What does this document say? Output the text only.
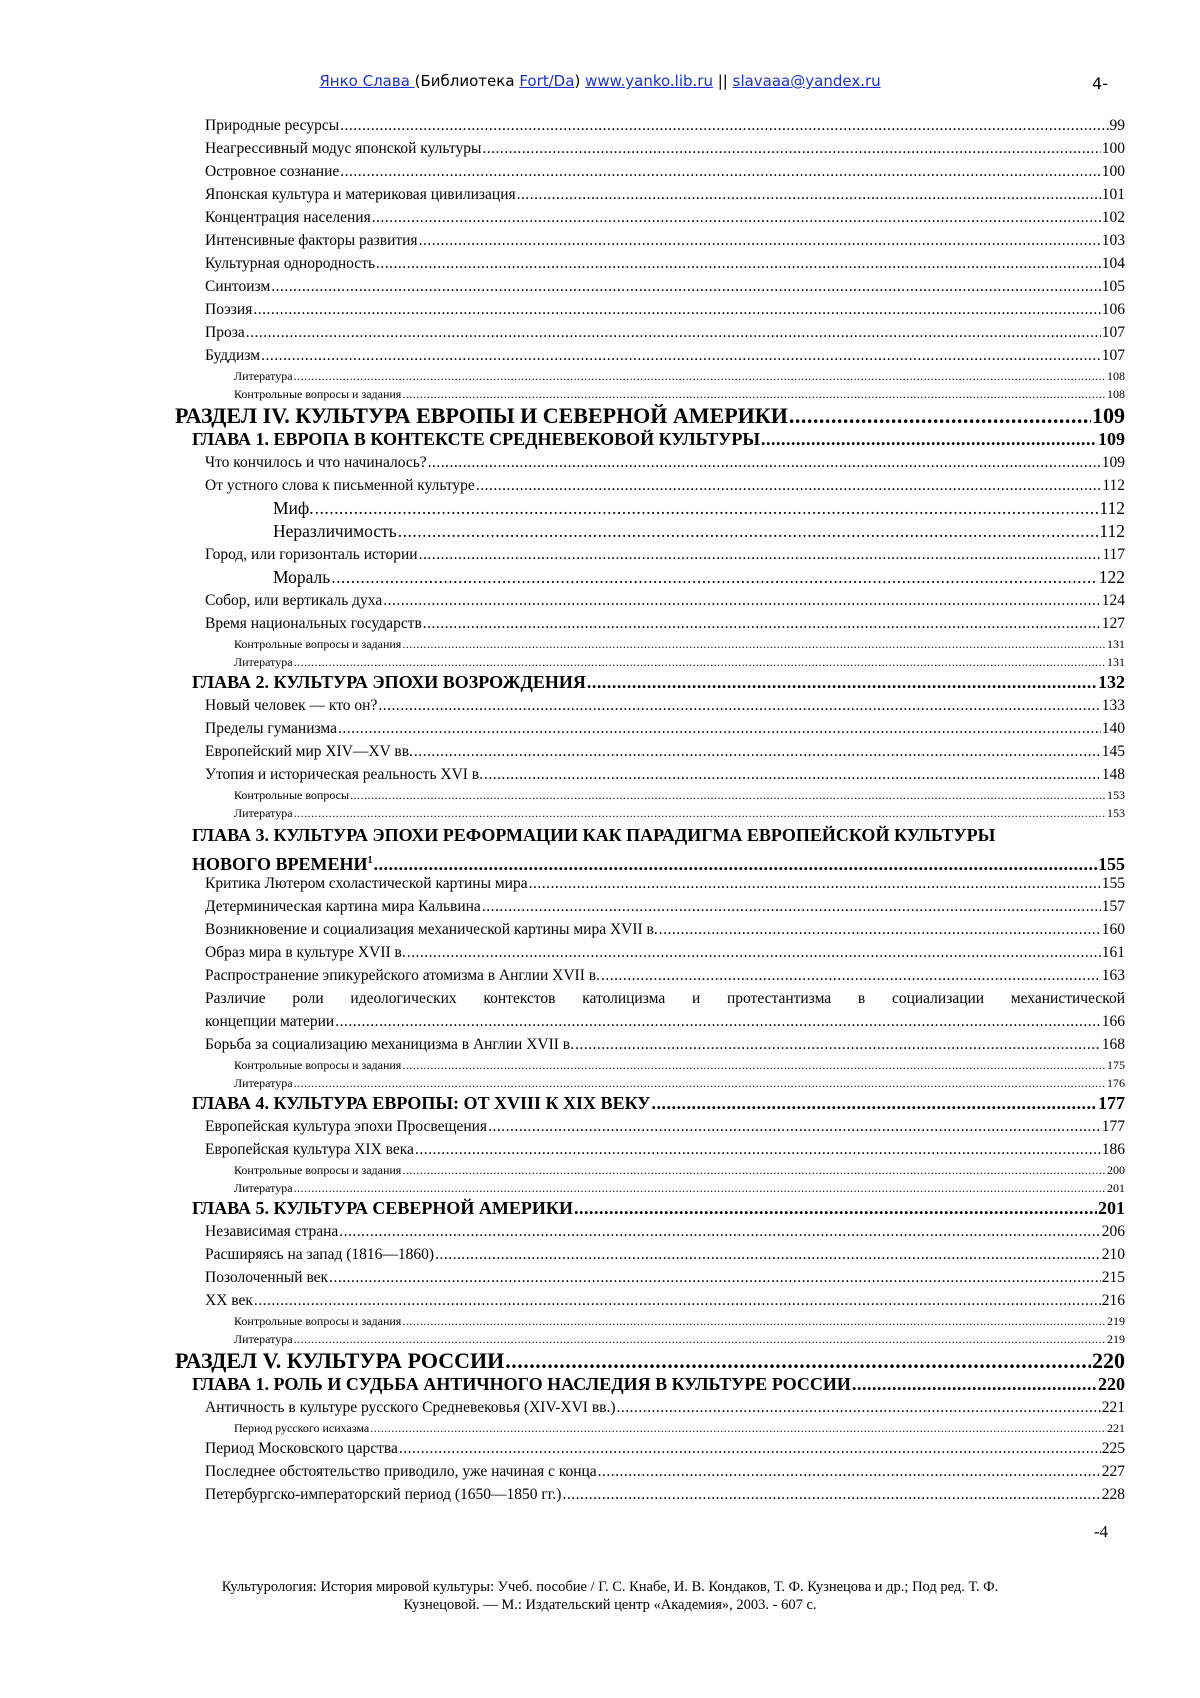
Янко Слава (Библиотека Fort/Da) www.yanko.lib.ru || slavaaa@yandex.ru	4-
Природные ресурсы .....	99
Неагрессивный модус японской культуры .....	100
Островное сознание .....	100
Японская культура и материковая цивилизация .....	101
Концентрация населения .....	102
Интенсивные факторы развития .....	103
Культурная однородность .....	104
Синтоизм .....	105
Поэзия .....	106
Проза .....	107
Буддизм .....	107
Литература .....	108
Контрольные вопросы и задания .....	108
РАЗДЕЛ IV. КУЛЬТУРА ЕВРОПЫ И СЕВЕРНОЙ АМЕРИКИ .....	109
ГЛАВА 1. ЕВРОПА В КОНТЕКСТЕ СРЕДНЕВЕКОВОЙ КУЛЬТУРЫ .....	109
Что кончилось и что начиналось? .....	109
От устного слова к письменной культуре .....	112
Миф. .....	112
Неразличимость .....	112
Город, или горизонталь истории .....	117
Мораль .....	122
Собор, или вертикаль духа .....	124
Время национальных государств .....	127
Контрольные вопросы и задания .....	131
Литература .....	131
ГЛАВА 2. КУЛЬТУРА ЭПОХИ ВОЗРОЖДЕНИЯ .....	132
Новый человек — кто он? .....	133
Пределы гуманизма .....	140
Европейский мир XIV—XV вв. .....	145
Утопия и историческая реальность XVI в. .....	148
Контрольные вопросы .....	153
Литература .....	153
ГЛАВА 3. КУЛЬТУРА ЭПОХИ РЕФОРМАЦИИ КАК ПАРАДИГМА ЕВРОПЕЙСКОЙ КУЛЬТУРЫ
НОВОГО ВРЕМЕНИ$^1$ .....	155
Критика Лютером схоластической картины мира .....	155
Детерминическая картина мира Кальвина .....	157
Возникновение и социализация механической картины мира XVII в. .....	160
Образ мира в культуре XVII в. .....	161
Распространение эпикурейского атомизма в Англии XVII в. .....	163
Различие роли идеологических контекстов католицизма и протестантизма в социализации механистической
концепции материи .....	166
Борьба за социализацию механицизма в Англии XVII в. .....	168
Контрольные вопросы и задания .....	175
Литература .....	176
ГЛАВА 4. КУЛЬТУРА ЕВРОПЫ: ОТ XVIII К XIX ВЕКУ .....	177
Европейская культура эпохи Просвещения .....	177
Европейская культура XIX века .....	186
Контрольные вопросы и задания .....	200
Литература .....	201
ГЛАВА 5. КУЛЬТУРА СЕВЕРНОЙ АМЕРИКИ .....	201
Независимая страна .....	206
Расширяясь на запад (1816—1860) .....	210
Позолоченный век .....	215
XX век .....	216
Контрольные вопросы и задания .....	219
Литература .....	219
РАЗДЕЛ V. КУЛЬТУРА РОССИИ .....	220
ГЛАВА 1. РОЛЬ И СУДЬБА АНТИЧНОГО НАСЛЕДИЯ В КУЛЬТУРЕ РОССИИ .....	220
Античность в культуре русского Средневековья (XIV-XVI вв.) .....	221
Период русского исихазма .....	221
Период Московского царства .....	225
Последнее обстоятельство приводило, уже начиная с конца .....	227
Петербургско-императорский период (1650—1850 гг.) .....	228
-4
Культурология: История мировой культуры: Учеб. пособие / Г. С. Кнабе, И. В. Кондаков, Т. Ф. Кузнецова и др.; Под ред. Т. Ф.
Кузнецовой. — М.: Издательский центр «Академия», 2003. - 607 с.
